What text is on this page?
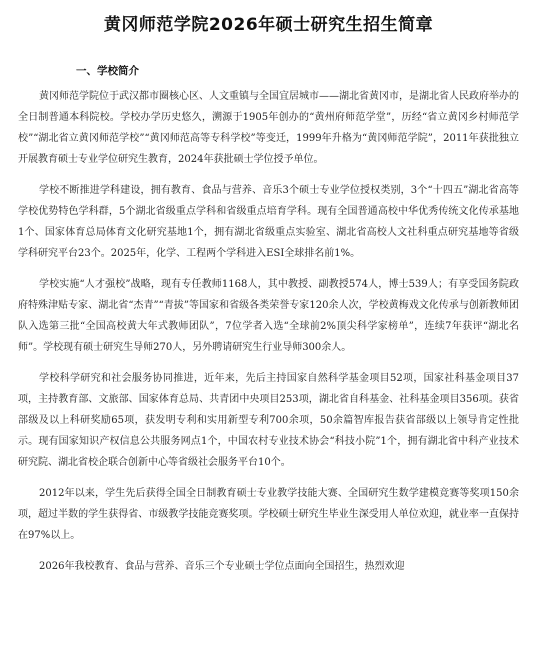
黄冈师范学院2026年硕士研究生招生简章
一、学校简介

黄冈师范学院位于武汉都市圈核心区、人文重镇与全国宜居城市——湖北省黄冈市，是湖北省人民政府举办的全日制普通本科院校。学校办学历史悠久，溯源于1905年创办的“黄州府师范学堂”，历经“省立黄冈乡村师范学校”“湖北省立黄冈师范学校”“黄冈师范高等专科学校”等变迁，1999年升格为“黄冈师范学院”，2011年获批独立开展教育硕士专业学位研究生教育，2024年获批硕士学位授予单位。

学校不断推进学科建设，拥有教育、食品与营养、音乐3个硕士专业学位授权类别，3个“十四五”湖北省高等学校优势特色学科群，5个湖北省级重点学科和省级重点培育学科。现有全国普通高校中华优秀传统文化传承基地1个、国家体育总局体育文化研究基地1个，拥有湖北省级重点实验室、湖北省高校人文社科重点研究基地等省级学科研究平台23个。2025年，化学、工程两个学科进入ESI全球排名前1%。

学校实施“人才强校”战略，现有专任教师1168人，其中教授、副教授574人，博士539人；有享受国务院政府特殊津贴专家、湖北省“杰青”“青拔”等国家和省级各类荣誉专家120余人次，学校黄梅戏文化传承与创新教师团队入选第三批“全国高校黄大年式教师团队”，7位学者入选“全球前2%顶尖科学家榜单”，连续7年获评“湖北名师”。学校现有硕士研究生导师270人，另外聘请研究生行业导师300余人。

学校科学研究和社会服务协同推进，近年来，先后主持国家自然科学基金项目52项，国家社科基金项目37项，主持教育部、文旅部、国家体育总局、共青团中央项目253项，湖北省自科基金、社科基金项目356项。获省部级及以上科研奖励65项，获发明专利和实用新型专利700余项，50余篇智库报告获省部级以上领导肯定性批示。现有国家知识产权信息公共服务网点1个，中国农村专业技术协会“科技小院”1个，拥有湖北省中科产业技术研究院、湖北省校企联合创新中心等省级社会服务平台10个。

2012年以来，学生先后获得全国全日制教育硕士专业教学技能大赛、全国研究生数学建模竞赛等奖项150余项，超过半数的学生获得省、市级教学技能竞赛奖项。学校硕士研究生毕业生深受用人单位欢迎，就业率一直保持在97%以上。

2026年我校教育、食品与营养、音乐三个专业硕士学位点面向全国招生，热烈欢迎
